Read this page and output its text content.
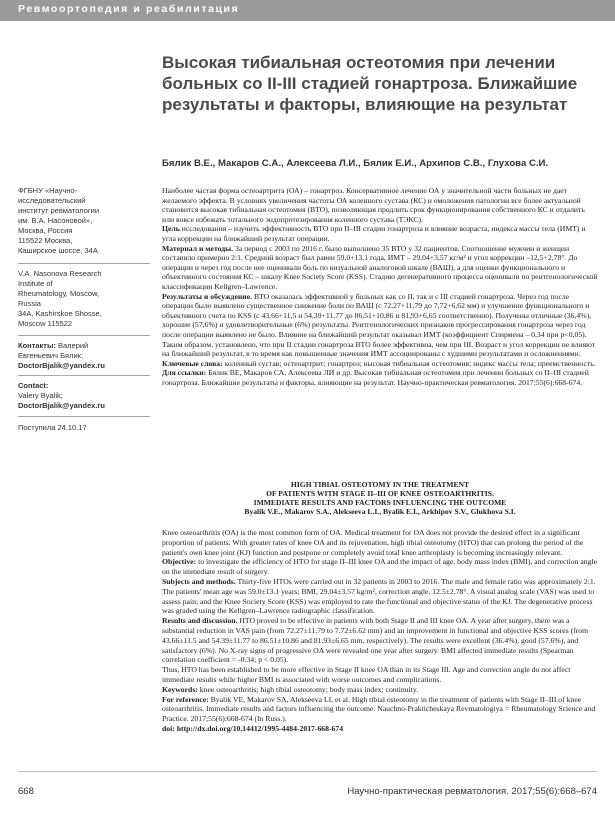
Ревмоортопедия и реабилитация
Высокая тибиальная остеотомия при лечении больных со II-III стадией гонартроза. Ближайшие результаты и факторы, влияющие на результат
Бялик В.Е., Макаров С.А., Алексеева Л.И., Бялик Е.И., Архипов С.В., Глухова С.И.
ФГБНУ «Научно-
исследовательский
институт ревматологии
им. В.А. Насоновой»,
Москва, Россия
115522 Москва,
Каширское шоссе, 34А
V.A. Nasonova Research
Institute of
Rheumatology, Moscow,
Russia
34A, Kashirskoe Shosse,
Moscow 115522
Контакты: Валерий
Евгеньевич Бялик;
DoctorBjalik@yandex.ru
Contact:
Valery Byalik;
DoctorBjalik@yandex.ru
Поступила 24.10.17

Наиболее частая форма остеоартрита (ОА) – гонартроз. Консервативное лечение ОА у значительной части больных не дает желаемого эффекта. В условиях увеличения частоты ОА коленного сустава (КС) и омоложения патологии все более актуальной становится высокая тибиальная остеотомия (ВТО), позволяющая продлить срок функционирования собственного КС и отдалить или вовсе избежать тотального эндопротезирования коленного сустава (ТЭКС).

Цель исследования – изучить эффективность ВТО при II–III стадии гонартроза и влияние возраста, индекса массы тела (ИМТ) и угла коррекции на ближайший результат операции.

Материал и методы. За период с 2003 по 2016 г. было выполнено 35 ВТО у 32 пациентов. Соотношение мужчин и женщин составило примерно 2:1. Средний возраст был равен 59,0+13,1 года, ИМТ – 29,04+3,57 кг/м² и угол коррекции –12,5+2,78°. До операции и через год после нее оценивали боль по визуальной аналоговой шкале (ВАШ), а для оценки функционального и объективного состояния КС – шкалу Knee Society Score (KSS). Стадию дегенеративного процесса оценивали по рентгенологической классификации Kellgren–Lawrence.

Результаты и обсуждение. ВТО оказалась эффективной у больных как со II, так и с III стадией гонартроза. Через год после операции было выявлено существенное снижение боли по ВАШ (с 72,27+11,79 до 7,72+6,62 мм) и улучшение функционального и объективного счета по KSS (с 43,66+11,5 и 54,39+11,77 до 86,51+10,86 и 81,93+6,65 соответственно). Получены отличные (36,4%), хорошие (57,6%) и удовлетворительные (6%) результаты. Рентгенологических признаков прогрессирования гонартроза через год после операции выявлено не было. Влияние на ближайший результат оказывал ИМТ (коэффициент Спирмена – 0,34 при p<0,05).

Таким образом, установлено, что при II стадии гонартроза ВТО более эффективна, чем при III. Возраст и угол коррекции не влияют на ближайший результат, в то время как повышенные значения ИМТ ассоциированы с худшими результатами и осложнениями.

Ключевые слова: коленный сустав; остеоартрит; гонартроз; высокая тибиальная остеотомия; индекс массы тела; преемственность.

Для ссылки: Бялик ВЕ, Макаров СА, Алексеева ЛИ и др. Высокая тибиальная остеотомия при лечении больных со II–III стадией гонартроза. Ближайшие результаты и факторы, влияющие на результат. Научно-практическая ревматология. 2017;55(6):668-674.

HIGH TIBIAL OSTEOTOMY IN THE TREATMENT
OF PATIENTS WITH STAGE II–III OF KNEE OSTEOARTHRITIS.
IMMEDIATE RESULTS AND FACTORS INFLUENCING THE OUTCOME
Byalik V.E., Makarov S.A., Alekseeva L.I., Byalik E.I., Arkhipov S.V., Glukhova S.I.

Knee osteoarthritis (OA) is the most common form of OA. Medical treatment for OA does not provide the desired effect in a significant proportion of patients. With greater rates of knee OA and its rejuvenation, high tibial osteotomy (HTO) that can prolong the period of the patient's own knee joint (KJ) function and postpone or completely avoid total knee arthroplasty is becoming increasingly relevant.

Objective: to investigate the efficiency of HTO for stage II–III knee OA and the impact of age, body mass index (BMI), and correction angle on the immediate result of surgery.

Subjects and methods. Thirty-five HTOs were carried out in 32 patients in 2003 to 2016. The male and female ratio was approximately 2:1. The patients' mean age was 59.0±13.1 years; BMI, 29.04±3.57 kg/m², correction angle, 12.5±2.78°. A visual analog scale (VAS) was used to assess pain; and the Knee Society Score (KSS) was employed to rate the functional and objective status of the KJ. The degenerative process was graded using the Kellgren–Lawrence radiographic classification.

Results and discussion. HTO proved to be effective in patients with both Stage II and III knee OA. A year after surgery, there was a substantial reduction in VAS pain (from 72.27±11.79 to 7.72±6.62 mm) and an improvement in functional and objective KSS scores (from 43.66±11.5 and 54.39±11.77 to 86.51±10.86 and 81.93±6.65 mm, respectively). The results were excellent (36.4%), good (57.6%), and satisfactory (6%). No X-ray signs of progressive OA were revealed one year after surgery. BMI affected immediate results (Spearman correlation coefficient = -0.34; p < 0.05).

Thus, HTO has been established to be more effective in Stage II knee OA than in its Stage III. Age and correction angle do not affect immediate results while higher BMI is associated with worse outcomes and complications.

Keywords: knee osteoarthritis; high tibial osteotomy; body mass index; continuity.

For reference: Byalik VE, Makarov SA, Alekseeva LI, et al. High tibial osteotomy in the treatment of patients with Stage II–III of knee osteoarthritis. Immediate results and factors influencing the outcome. Nauchno-Prakticheskaya Revmatologiya = Rheumatology Science and Practice. 2017;55(6):668-674 (In Russ.).

doi: http://dx.doi.org/10.14412/1995-4484-2017-668-674

668	Научно-практическая ревматология. 2017;55(6):668–674
